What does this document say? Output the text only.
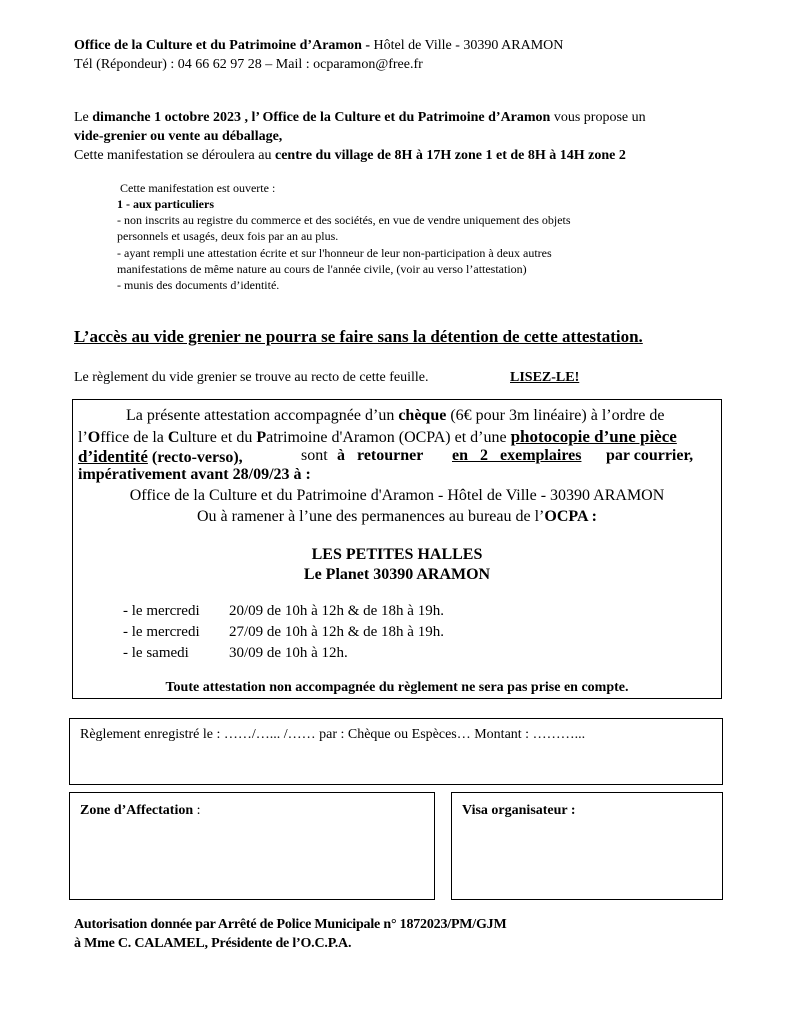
Office de la Culture et du Patrimoine d’Aramon - Hôtel de Ville - 30390 ARAMON
Tél (Répondeur) : 04 66 62 97 28 – Mail : ocparamon@free.fr
Le dimanche 1 octobre 2023 , l’ Office de la Culture et du Patrimoine d’Aramon vous propose un
vide-grenier ou vente au déballage,
Cette manifestation se déroulera au centre du village de 8H à 17H zone 1 et de 8H à 14H zone 2
Cette manifestation est ouverte :
1 - aux particuliers
- non inscrits au registre du commerce et des sociétés, en vue de vendre uniquement des objets
personnels et usagés, deux fois par an au plus.
- ayant rempli une attestation écrite et sur l'honneur de leur non-participation à deux autres
manifestations de même nature au cours de l'année civile, (voir au verso l’attestation)
- munis des documents d’identité.
L’accès au vide grenier ne pourra se faire sans la détention de cette attestation.
Le règlement du vide grenier se trouve au recto de cette feuille.	LISEZ-LE!
La présente attestation accompagnée d’un chèque (6€ pour 3m linéaire) à l’ordre de
l’Office de la Culture et du Patrimoine d'Aramon (OCPA) et d’une photocopie d’une pièce
d’identité (recto-verso),	sont à retourner en 2 exemplaires par courrier,
impérativement avant 28/09/23 à :
Office de la Culture et du Patrimoine d'Aramon - Hôtel de Ville - 30390 ARAMON
Ou à ramener à l’une des permanences au bureau de l’OCPA :
LES PETITES HALLES
Le Planet 30390 ARAMON
- le mercredi 20/09 de 10h à 12h & de 18h à 19h.
- le mercredi 27/09 de 10h à 12h & de 18h à 19h.
- le samedi	30/09 de 10h à 12h.
Toute attestation non accompagnée du règlement ne sera pas prise en compte.
Règlement enregistré le : ……/…... /…… par : Chèque ou Espèces… Montant : ………...
Zone d’Affectation :	Visa organisateur :
Autorisation donnée par Arrêté de Police Municipale n° 1872023/PM/GJM
à Mme C. CALAMEL, Présidente de l’O.C.P.A.
